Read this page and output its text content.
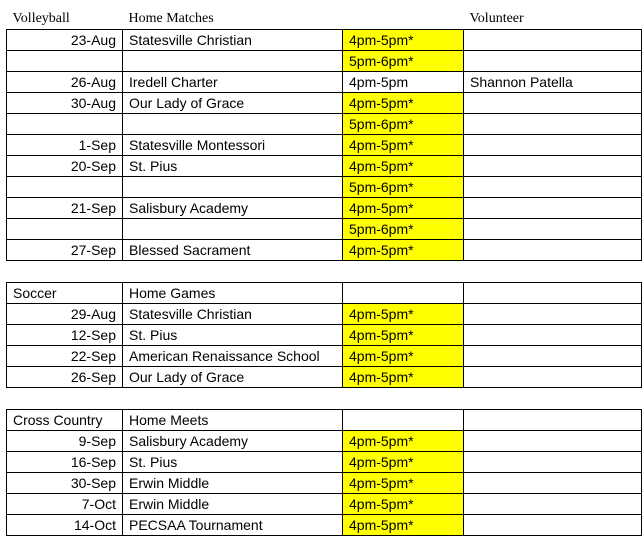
Volleyball	Home Matches		Volunteer
23-Aug	Statesville Christian	4pm-5pm*	
		5pm-6pm*	
26-Aug	Iredell Charter	4pm-5pm	Shannon Patella
30-Aug	Our Lady of Grace	4pm-5pm*	
		5pm-6pm*	
1-Sep	Statesville Montessori	4pm-5pm*	
20-Sep	St. Pius	4pm-5pm*	
		5pm-6pm*	
21-Sep	Salisbury Academy	4pm-5pm*	
		5pm-6pm*	
27-Sep	Blessed Sacrament	4pm-5pm*	

Soccer	Home Games		
29-Aug	Statesville Christian	4pm-5pm*	
12-Sep	St. Pius	4pm-5pm*	
22-Sep	American Renaissance School	4pm-5pm*	
26-Sep	Our Lady of Grace	4pm-5pm*	

Cross Country	Home Meets		
9-Sep	Salisbury Academy	4pm-5pm*	
16-Sep	St. Pius	4pm-5pm*	
30-Sep	Erwin Middle	4pm-5pm*	
7-Oct	Erwin Middle	4pm-5pm*	
14-Oct	PECSAA Tournament	4pm-5pm*	
